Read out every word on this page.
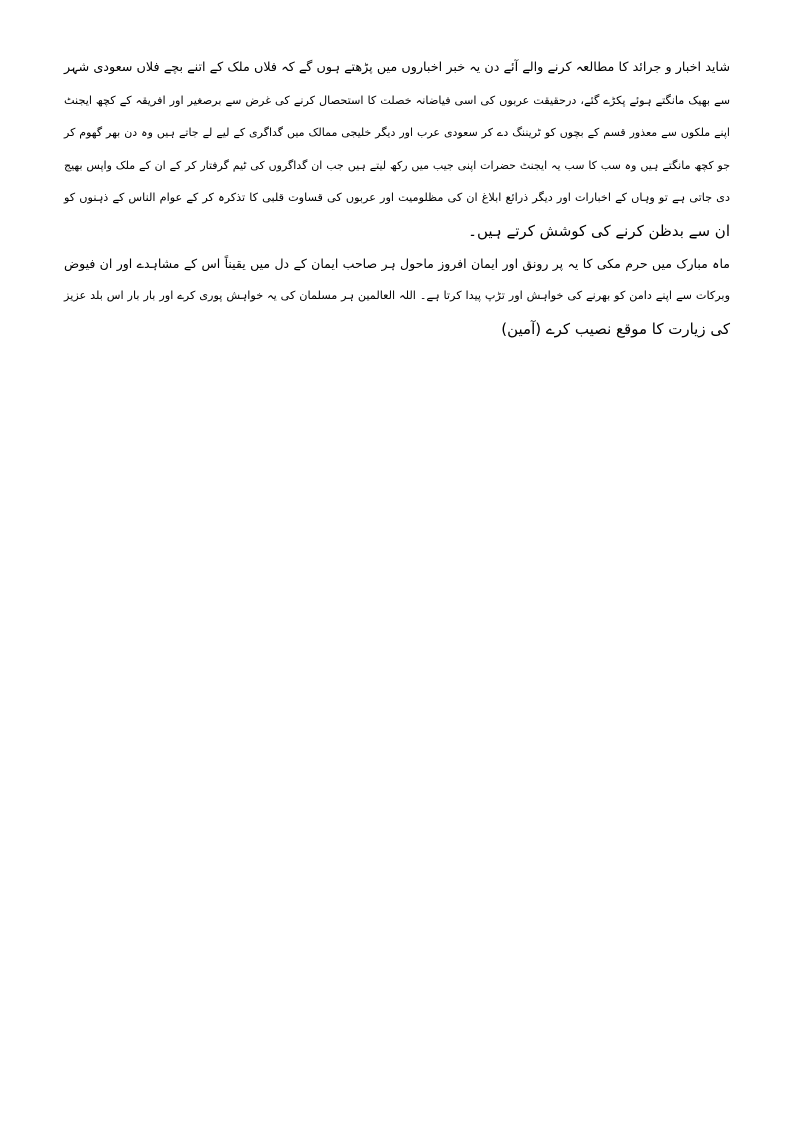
شاید اخبار و جرائد کا مطالعہ کرنے والے آئے دن یہ خبر اخباروں میں پڑھتے ہوں گے کہ فلاں ملک کے اتنے بچے فلاں سعودی شہر
سے بھیک مانگتے ہوئے پکڑے گئے، درحقیقت عربوں کی اسی فیاضانہ خصلت کا استحصال کرنے کی غرض سے برصغیر اور افریقہ کے کچھ ایجنٹ
اپنے ملکوں سے معذور قسم کے بچوں کو ٹریننگ دے کر سعودی عرب اور دیگر خلیجی ممالک میں گداگری کے لیے لے جاتے ہیں وہ دن بھر گھوم کر
جو کچھ مانگتے ہیں وہ سب کا سب یہ ایجنٹ حضرات اپنی جیب میں رکھ لیتے ہیں جب ان گداگروں کی ٹیم گرفتار کر کے ان کے ملک واپس بھیج
دی جاتی ہے تو وہاں کے اخبارات اور دیگر ذرائع ابلاغ ان کی مظلومیت اور عربوں کی قساوت قلبی کا تذکرہ کر کے عوام الناس کے ذہنوں کو
ان سے بدظن کرنے کی کوشش کرتے ہیں۔
ماہ مبارک میں حرم مکی کا یہ پر رونق اور ایمان افروز ماحول ہر صاحب ایمان کے دل میں یقیناً اس کے مشاہدے اور ان فیوض
وبرکات سے اپنے دامن کو بھرنے کی خواہش اور تڑپ پیدا کرتا ہے۔ اللہ العالمین ہر مسلمان کی یہ خواہش پوری کرے اور بار بار اس بلد عزیز
کی زیارت کا موقع نصیب کرے (آمین)
